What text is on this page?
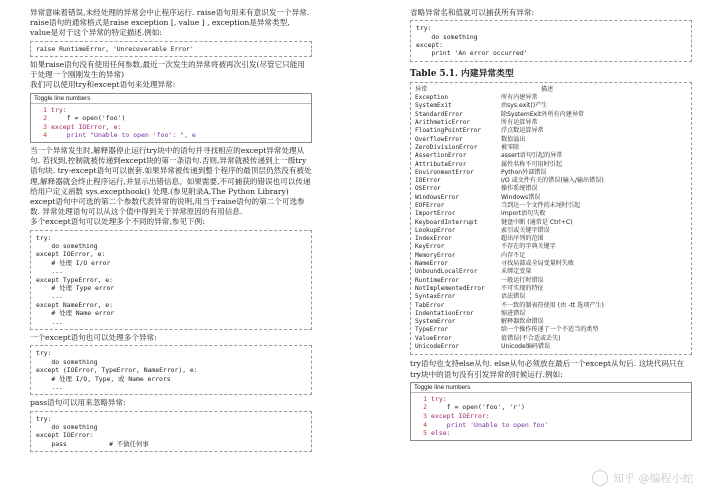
异常意味着错误,未经处理的异常会中止程序运行. raise语句用来有意识发一个异常. raise语句的通常格式是raise exception [, value ] , exception是异常类型, value是对于这个异常的特定描述.例如:

raise RuntimeError, 'Unrecoverable Error'

如果raise语句没有使用任何参数,最近一次发生的异常将被再次引发(尽管它只能用于处理一个刚刚发生的异常)

我们可以使用try和except语句来处理异常:

Toggle line numbers
1 try:
2 f = open('foo')
3 except IOError, e:
4 print "Unable to open 'foo': ", e

当一个异常发生时,解释器停止运行try块中的语句并寻找相应的except异常处理从句. 若找到,控制就被传递到except块的第一条语句.否则,异常就被传递到上一级try语句块. try-except语句可以嵌套.如果异常被传递到整个程序的最顶层仍然没有被处理,解释器就会终止程序运行,并显示出错信息。如果需要,不可捕获的错误也可以传递给用户定义函数 sys.excepthook() 处理.(参见附录A,The Python Library)

except语句中可选的第二个参数代表异常的说明,用当于raise语句的第二个可选参数. 异常处理语句可以从这个值中得到关于异常原因的有用信息.

多个except语句可以处理多个不同的异常,参见下例:

try:
do something
except IOError, e:
# 处理 I/O error
...
except TypeError, e:
# 处理 Type error
...
except NameError, e:
# 处理 Name error
...

一个except语句也可以处理多个异常:

try:
do something
except (IOError, TypeError, NameError), e:
# 处理 I/O, Type, 或 Name errors
...

pass语句可以用来忽略异常:

try:
do something
except IOError:
pass           # 不做任何事

省略异常名和值就可以捕获所有异常:

try:
do something
except:
print 'An error occurred'
Table 5.1. 内建异常类型
异常	描述
Exception	所有内建异常
SystemExit	由sys.exit()产生
StandardError	除SystemExit外所有内建异常
ArithmeticError	所有运算异常
FloatingPointError	浮点数运算异常
OverflowError	数值溢出
ZeroDivisionError	被零除
AssertionError	assert语句引起的异常
AttributeError	属性名称不可用时引起
EnvironmentError	Python外部错误
IOError	I/O 或文件有关的错误(输入/输出错误)
OSError	操作系统错误
WindowsError	Windows错误
EOFError	当到达一个文件的末尾时引起
ImportError	import语句失败
KeyboardInterrupt	键盘中断 (通常是 Ctrl+C)
LookupError	索引或关键字错误
IndexError	超出序列的范围
KeyError	不存在的字典关键字
MemoryError	内存不足
NameError	寻找局部或全局变量时失败
UnboundLocalError	未绑定变量
RuntimeError	一般运行时错误
NotImplementedError	不可实现的特征
SyntaxError	语法错误
TabError	不一致的制表符使用 (由 -tt 选项产生)
IndentationError	缩进错误
SystemError	解释器致命错误
TypeError	给一个操作传递了一个不适当的类型
ValueError	值错误(不合适或丢失)
UnicodeError	Unicode编码错误

try语句也支持else从句. else从句必须放在最后一个except从句后. 这块代码只在try块中的语句没有引发异常的时候运行.例如:

Toggle line numbers
1 try:
2 f = open('foo', 'r')
3 except IOError:
4 print 'Unable to open foo'
5 else:
知乎 @编程小蛇
